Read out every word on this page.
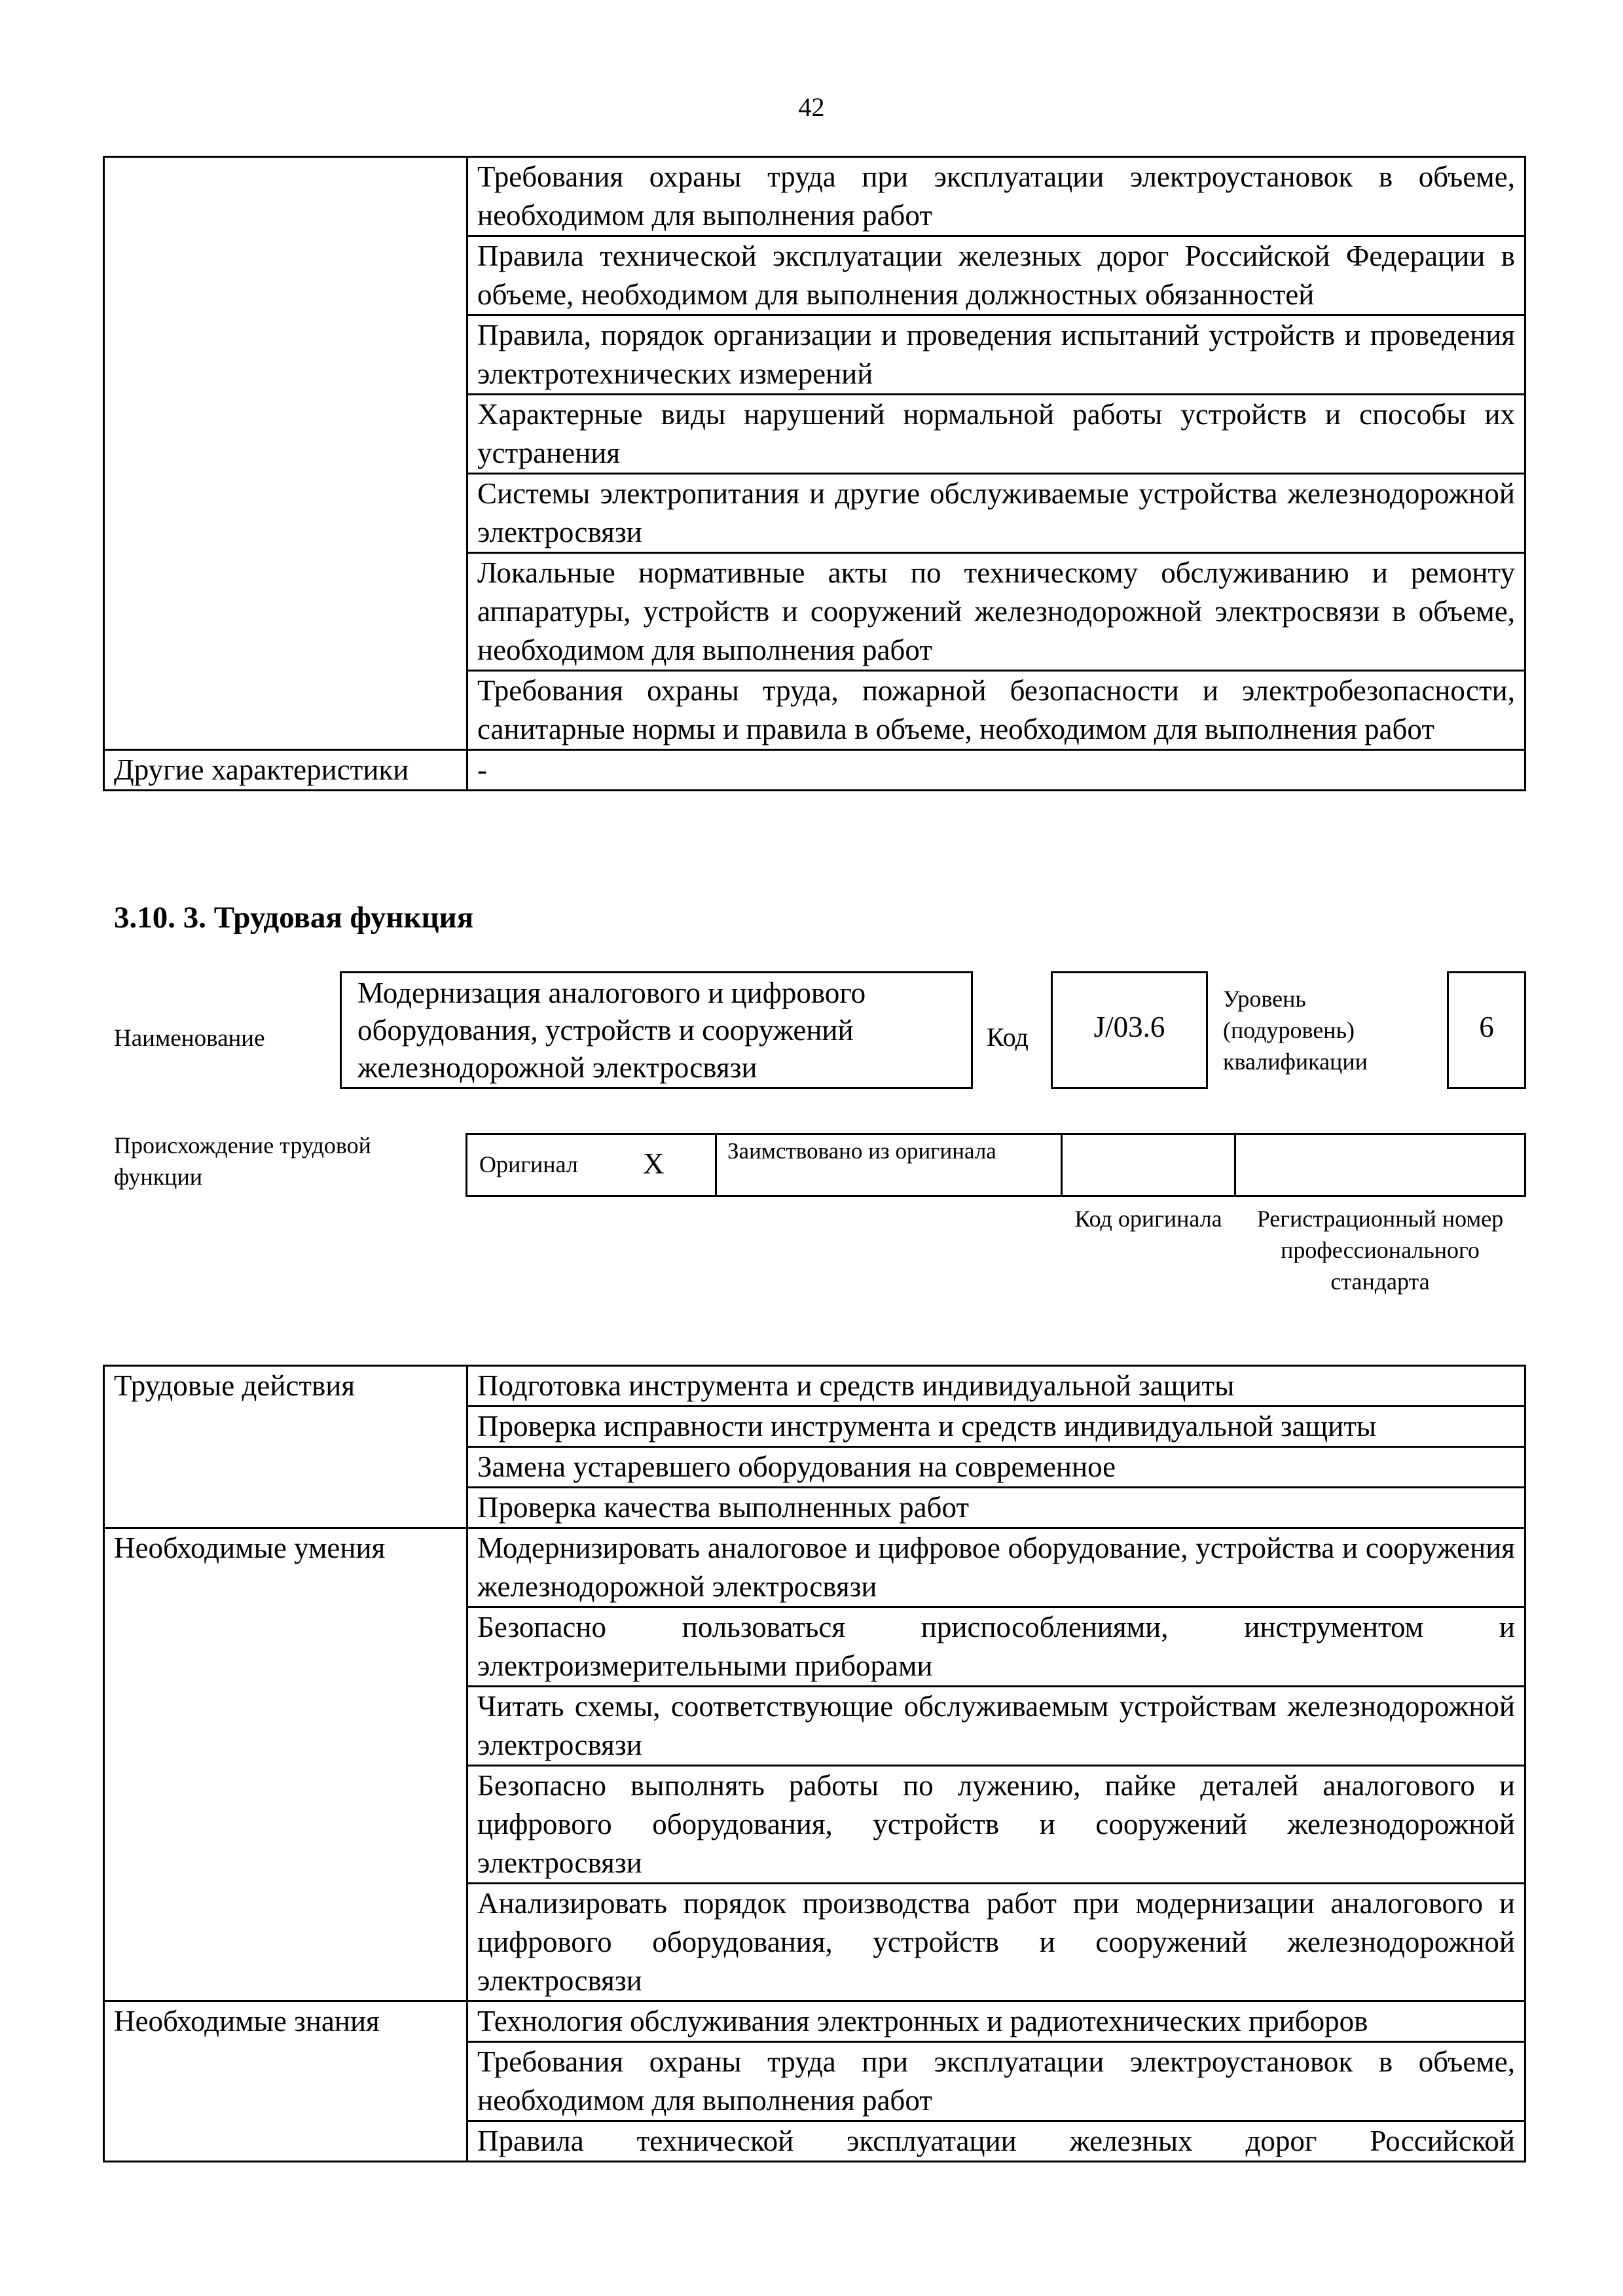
42
	Требования охраны труда при эксплуатации электроустановок в объеме, необходимом для выполнения работ
	Правила технической эксплуатации железных дорог Российской Федерации в объеме, необходимом для выполнения должностных обязанностей
	Правила, порядок организации и проведения испытаний устройств и проведения электротехнических измерений
	Характерные виды нарушений нормальной работы устройств и способы их устранения
	Системы электропитания и другие обслуживаемые устройства железнодорожной электросвязи
	Локальные нормативные акты по техническому обслуживанию и ремонту аппаратуры, устройств и сооружений железнодорожной электросвязи в объеме, необходимом для выполнения работ
	Требования охраны труда, пожарной безопасности и электробезопасности, санитарные нормы и правила в объеме, необходимом для выполнения работ
Другие характеристики	-
3.10. 3. Трудовая функция
Наименование
Модернизация аналогового и цифрового оборудования, устройств и сооружений железнодорожной электросвязи
Код	J/03.6
Уровень (подуровень) квалификации
6
Происхождение трудовой функции	Оригинал X	Заимствовано из оригинала
Код оригинала	Регистрационный номер профессионального стандарта
Трудовые действия	Подготовка инструмента и средств индивидуальной защиты
	Проверка исправности инструмента и средств индивидуальной защиты
	Замена устаревшего оборудования на современное
	Проверка качества выполненных работ
Необходимые умения	Модернизировать аналоговое и цифровое оборудование, устройства и сооружения железнодорожной электросвязи
	Безопасно пользоваться приспособлениями, инструментом и электроизмерительными приборами
	Читать схемы, соответствующие обслуживаемым устройствам железнодорожной электросвязи
	Безопасно выполнять работы по лужению, пайке деталей аналогового и цифрового оборудования, устройств и сооружений железнодорожной электросвязи
	Анализировать порядок производства работ при модернизации аналогового и цифрового оборудования, устройств и сооружений железнодорожной электросвязи
Необходимые знания	Технология обслуживания электронных и радиотехнических приборов
	Требования охраны труда при эксплуатации электроустановок в объеме, необходимом для выполнения работ
	Правила технической эксплуатации железных дорог Российской
